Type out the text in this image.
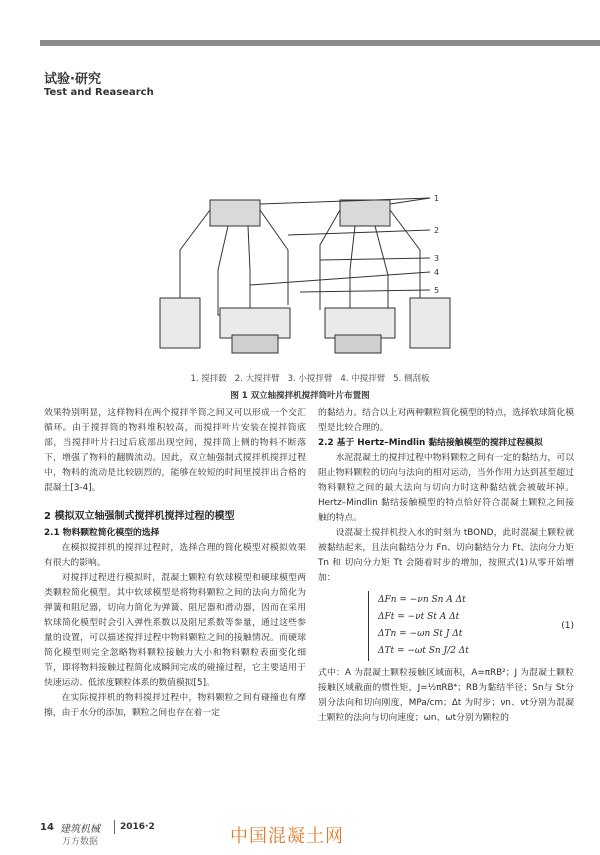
试验·研究
Test and Reasearch
1
2
3
4
5
1. 搅拌毂 2. 大搅拌臂 3. 小搅拌臂 4. 中搅拌臂 5. 侧刮板
图 1 双立轴搅拌机搅拌筒叶片布置图

效果特别明显，这样物料在两个搅拌半筒之间又可以形成一个交汇循环。由于搅拌筒的物料堆积较高，而搅拌叶片安装在搅拌筒底部，当搅拌叶片扫过后底部出现空间，搅拌筒上侧的物料不断落下，增强了物料的翻腾流动。因此，双立轴强制式搅拌机搅拌过程中，物料的流动是比较剧烈的，能够在较短的时间里搅拌出合格的混凝土[3-4]。

2 模拟双立轴强制式搅拌机搅拌过程的模型
2.1 物料颗粒简化模型的选择

在模拟搅拌机的搅拌过程时，选择合理的简化模型对模拟效果有很大的影响。

对搅拌过程进行模拟时，混凝土颗粒有软球模型和硬球模型两类颗粒简化模型。其中软球模型是将物料颗粒之间的法向力简化为弹簧和阻尼器，切向力简化为弹簧、阻尼器和滑动器，因而在采用软球简化模型时会引入弹性系数以及阻尼系数等参量，通过这些参量的设置，可以描述搅拌过程中物料颗粒之间的接触情况。而硬球简化模型则完全忽略物料颗粒接触力大小和物料颗粒表面变化细节，即将物料接触过程简化成瞬间完成的碰撞过程，它主要适用于快速运动、低浓度颗粒体系的数值模拟[5]。

在实际搅拌机的物料搅拌过程中，物料颗粒之间有碰撞也有摩擦，由于水分的添加，颗粒之间也存在着一定

的黏结力。结合以上对两种颗粒简化模型的特点，选择软球简化模型是比较合理的。

2.2 基于 Hertz–Mindlin 黏结接触模型的搅拌过程模拟

水泥混凝土的搅拌过程中物料颗粒之间有一定的黏结力，可以阻止物料颗粒的切向与法向的相对运动，当外作用力达到甚至超过物料颗粒之间的最大法向与切向力时这种黏结就会被破坏掉。Hertz–Mindlin 黏结接触模型的特点恰好符合混凝土颗粒之间接触的特点。

设混凝土搅拌机投入水的时刻为 tBOND，此时混凝土颗粒就被黏结起来，且法向黏结分力 Fn、切向黏结分力 Ft、法向分力矩 Tn 和 切向分力矩 Tt 会随着时步的增加，按照式(1)从零开始增加：

ΔFn = −νn Sn A Δt
ΔFt = −νt St A Δt
ΔTn = −ωn St J Δt
ΔTt = −ωt Sn J/2 Δt
(1)

式中：A 为混凝土颗粒接触区域面积，A=πRB²；J 为混凝土颗粒接触区域截面的惯性矩，J=½πRB⁴；RB为黏结半径；Sn与 St分别分法向和切向刚度，MPa/cm；Δt 为时步；νn、νt分别为混凝土颗粒的法向与切向速度；ωn、ωt分别为颗粒的

14 建筑机械
万方数据
2016·2	中国混凝土网
